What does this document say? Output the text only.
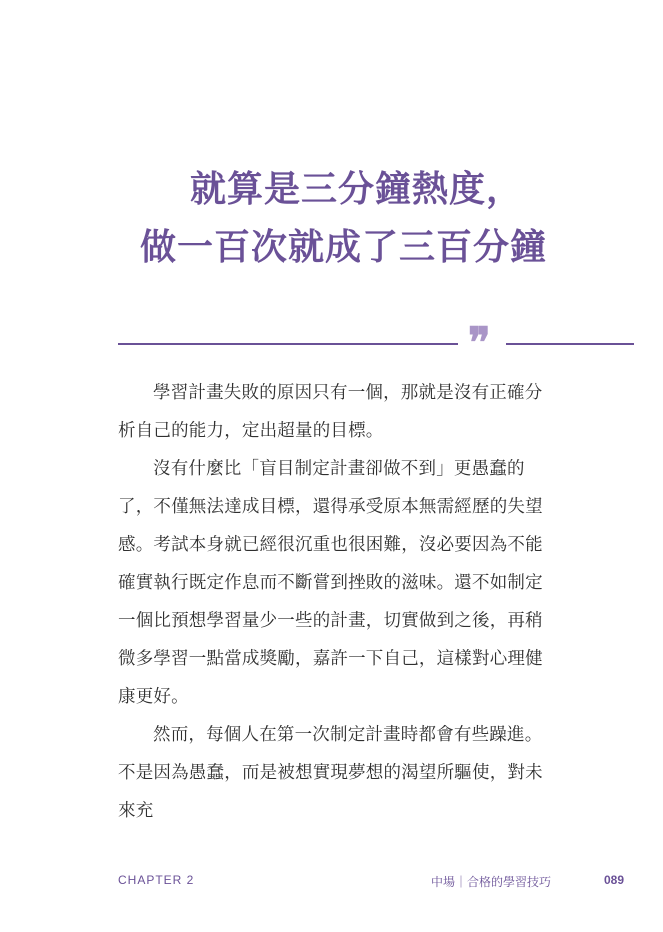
就算是三分鐘熱度，
做一百次就成了三百分鐘
❞

學習計畫失敗的原因只有一個，那就是沒有正確分析自己的能力，定出超量的目標。

沒有什麼比「盲目制定計畫卻做不到」更愚蠢的了，不僅無法達成目標，還得承受原本無需經歷的失望感。考試本身就已經很沉重也很困難，沒必要因為不能確實執行既定作息而不斷嘗到挫敗的滋味。還不如制定一個比預想學習量少一些的計畫，切實做到之後，再稍微多學習一點當成獎勵，嘉許一下自己，這樣對心理健康更好。

然而，每個人在第一次制定計畫時都會有些躁進。不是因為愚蠢，而是被想實現夢想的渴望所驅使，對未來充

CHAPTER 2	中場｜合格的學習技巧	089
